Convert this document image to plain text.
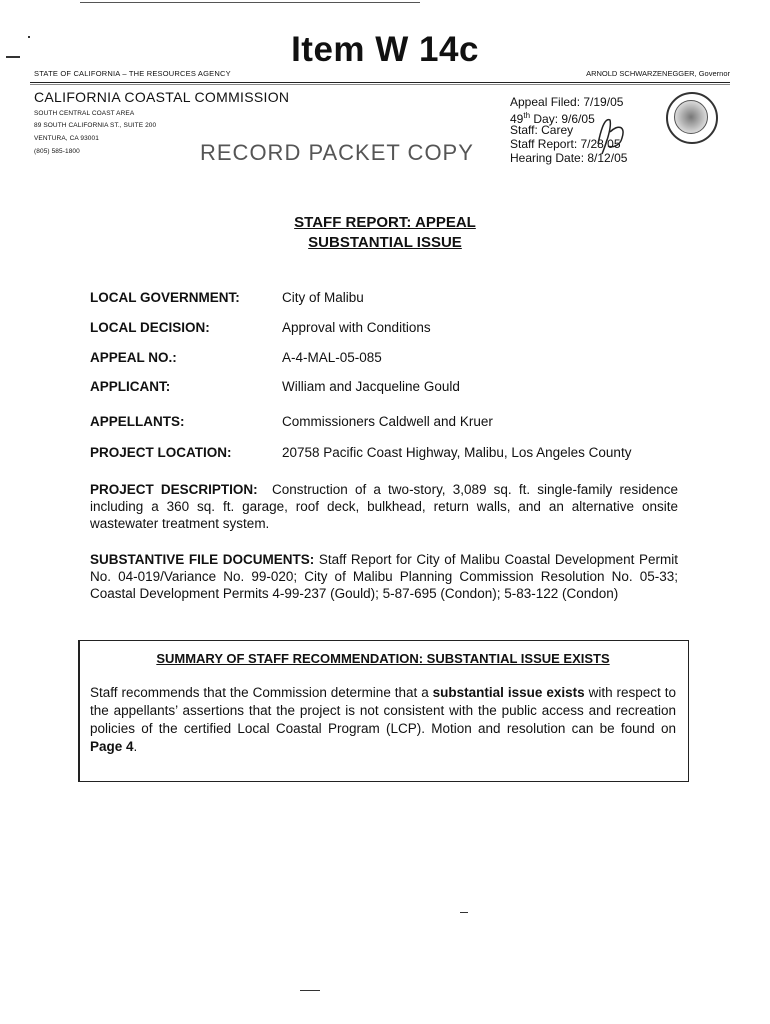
Item W 14c
STATE OF CALIFORNIA – THE RESOURCES AGENCY	ARNOLD SCHWARZENEGGER, Governor
CALIFORNIA COASTAL COMMISSION
SOUTH CENTRAL COAST AREA
89 SOUTH CALIFORNIA ST., SUITE 200
VENTURA, CA 93001
(805) 585-1800	RECORD PACKET COPY
Appeal Filed: 7/19/05
49th Day: 9/6/05
Staff: Carey
Staff Report: 7/28/05
Hearing Date: 8/12/05
STAFF REPORT: APPEAL
SUBSTANTIAL ISSUE
LOCAL GOVERNMENT:	City of Malibu
LOCAL DECISION:	Approval with Conditions
APPEAL NO.:	A-4-MAL-05-085
APPLICANT:	William and Jacqueline Gould
APPELLANTS:	Commissioners Caldwell and Kruer
PROJECT LOCATION:	20758 Pacific Coast Highway, Malibu, Los Angeles County
PROJECT DESCRIPTION: Construction of a two-story, 3,089 sq. ft. single-family residence including a 360 sq. ft. garage, roof deck, bulkhead, return walls, and an alternative onsite wastewater treatment system.
SUBSTANTIVE FILE DOCUMENTS: Staff Report for City of Malibu Coastal Development Permit No. 04-019/Variance No. 99-020; City of Malibu Planning Commission Resolution No. 05-33; Coastal Development Permits 4-99-237 (Gould); 5-87-695 (Condon); 5-83-122 (Condon)
SUMMARY OF STAFF RECOMMENDATION: SUBSTANTIAL ISSUE EXISTS
Staff recommends that the Commission determine that a substantial issue exists with respect to the appellants’ assertions that the project is not consistent with the public access and recreation policies of the certified Local Coastal Program (LCP). Motion and resolution can be found on Page 4.
